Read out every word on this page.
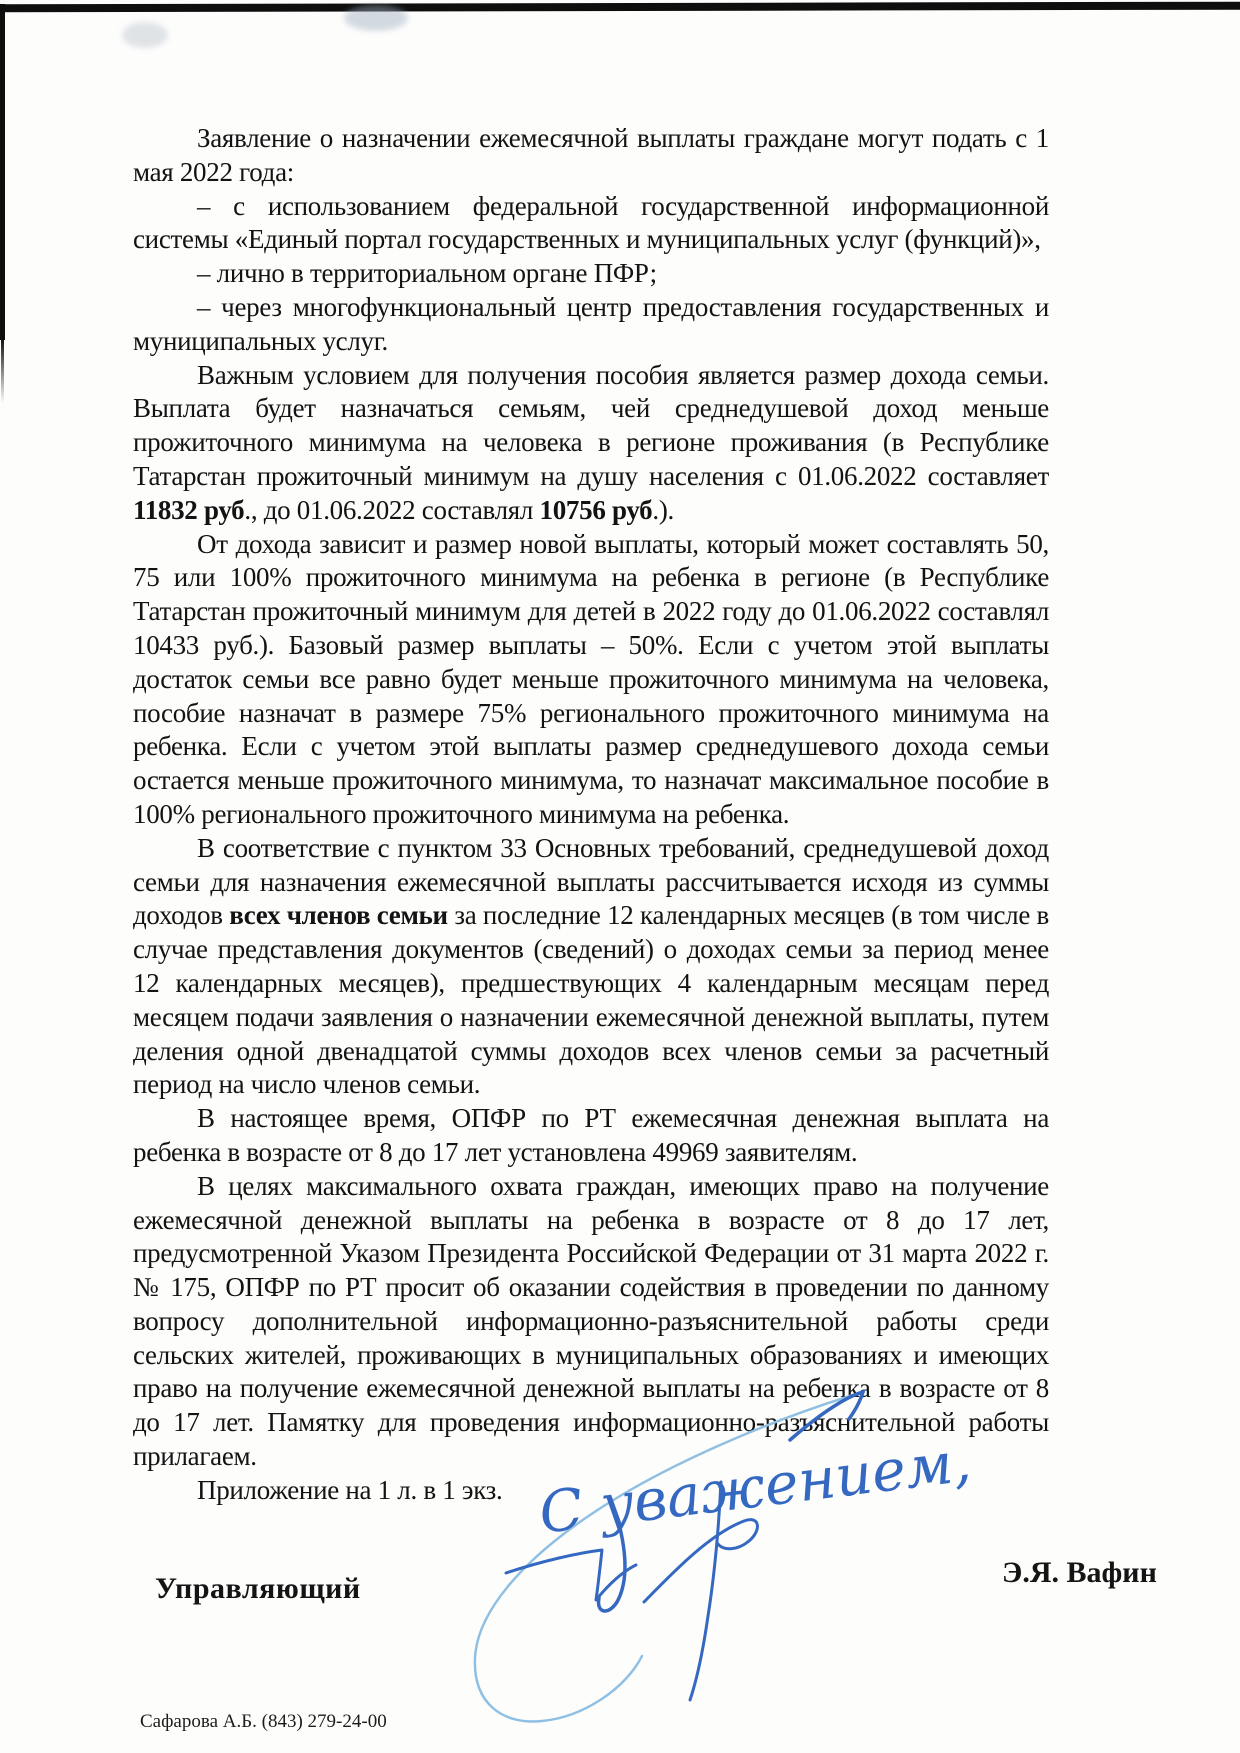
Заявление о назначении ежемесячной выплаты граждане могут подать с 1 мая 2022 года:

– с использованием федеральной государственной информационной системы «Единый портал государственных и муниципальных услуг (функций)»,

– лично в территориальном органе ПФР;

– через многофункциональный центр предоставления государственных и муниципальных услуг.

Важным условием для получения пособия является размер дохода семьи. Выплата будет назначаться семьям, чей среднедушевой доход меньше прожиточного минимума на человека в регионе проживания (в Республике Татарстан прожиточный минимум на душу населения с 01.06.2022 составляет 11832 руб., до 01.06.2022 составлял 10756 руб.).

От дохода зависит и размер новой выплаты, который может составлять 50, 75 или 100% прожиточного минимума на ребенка в регионе (в Республике Татарстан прожиточный минимум для детей в 2022 году до 01.06.2022 составлял 10433 руб.). Базовый размер выплаты – 50%. Если с учетом этой выплаты достаток семьи все равно будет меньше прожиточного минимума на человека, пособие назначат в размере 75% регионального прожиточного минимума на ребенка. Если с учетом этой выплаты размер среднедушевого дохода семьи остается меньше прожиточного минимума, то назначат максимальное пособие в 100% регионального прожиточного минимума на ребенка.

В соответствие с пунктом 33 Основных требований, среднедушевой доход семьи для назначения ежемесячной выплаты рассчитывается исходя из суммы доходов всех членов семьи за последние 12 календарных месяцев (в том числе в случае представления документов (сведений) о доходах семьи за период менее 12 календарных месяцев), предшествующих 4 календарным месяцам перед месяцем подачи заявления о назначении ежемесячной денежной выплаты, путем деления одной двенадцатой суммы доходов всех членов семьи за расчетный период на число членов семьи.

В настоящее время, ОПФР по РТ ежемесячная денежная выплата на ребенка в возрасте от 8 до 17 лет установлена 49969 заявителям.

В целях максимального охвата граждан, имеющих право на получение ежемесячной денежной выплаты на ребенка в возрасте от 8 до 17 лет, предусмотренной Указом Президента Российской Федерации от 31 марта 2022 г. № 175, ОПФР по РТ просит об оказании содействия в проведении по данному вопросу дополнительной информационно-разъяснительной работы среди сельских жителей, проживающих в муниципальных образованиях и имеющих право на получение ежемесячной денежной выплаты на ребенка в возрасте от 8 до 17 лет. Памятку для проведения информационно-разъяснительной работы прилагаем.

Приложение на 1 л. в 1 экз. С уважением,
Управляющий	Э.Я. Вафин
Сафарова А.Б. (843) 279-24-00
